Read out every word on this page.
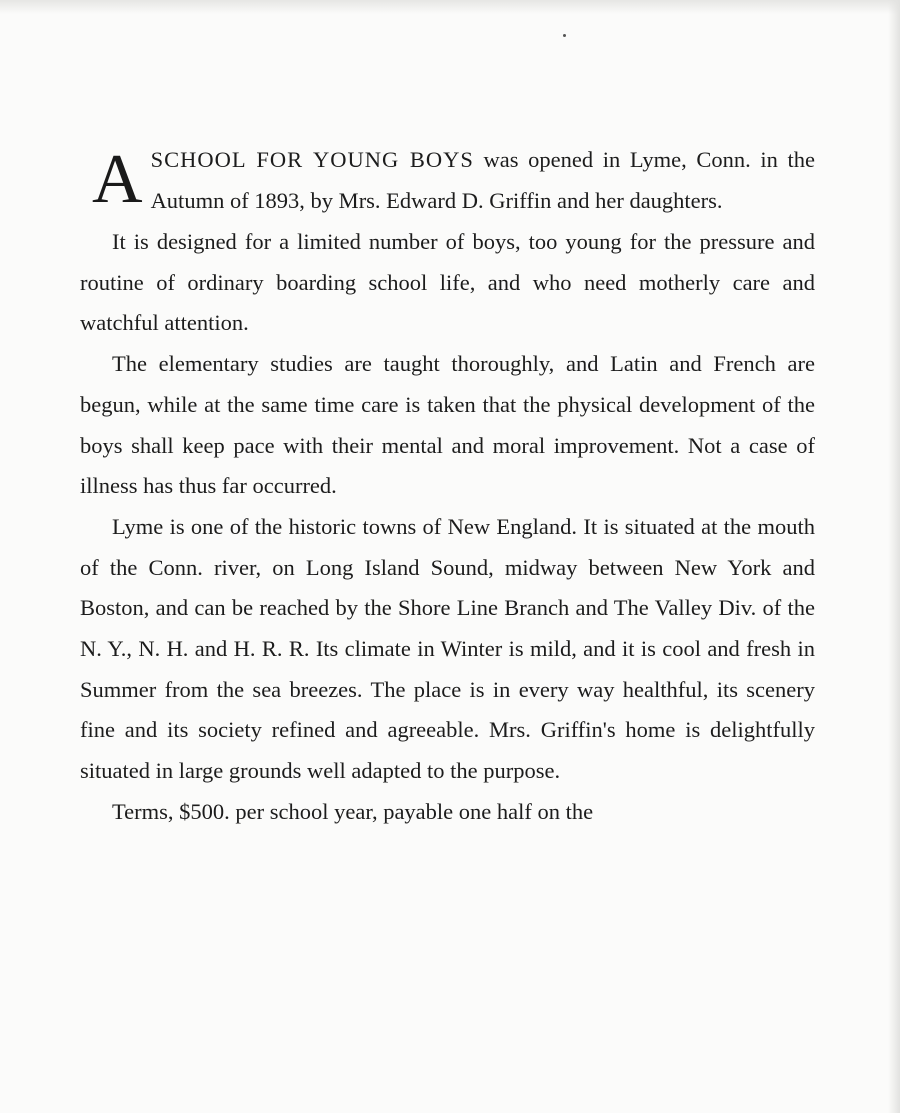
ASCHOOL FOR YOUNG BOYS was opened in Lyme, Conn. in the Autumn of 1893, by Mrs. Edward D. Griffin and her daughters.

It is designed for a limited number of boys, too young for the pressure and routine of ordinary boarding school life, and who need motherly care and watchful attention.

The elementary studies are taught thoroughly, and Latin and French are begun, while at the same time care is taken that the physical development of the boys shall keep pace with their mental and moral improvement. Not a case of illness has thus far occurred.

Lyme is one of the historic towns of New England. It is situated at the mouth of the Conn. river, on Long Island Sound, midway between New York and Boston, and can be reached by the Shore Line Branch and The Valley Div. of the N. Y., N. H. and H. R. R. Its climate in Winter is mild, and it is cool and fresh in Summer from the sea breezes. The place is in every way healthful, its scenery fine and its society refined and agreeable. Mrs. Griffin's home is delightfully situated in large grounds well adapted to the purpose.

Terms, $500. per school year, payable one half on the
